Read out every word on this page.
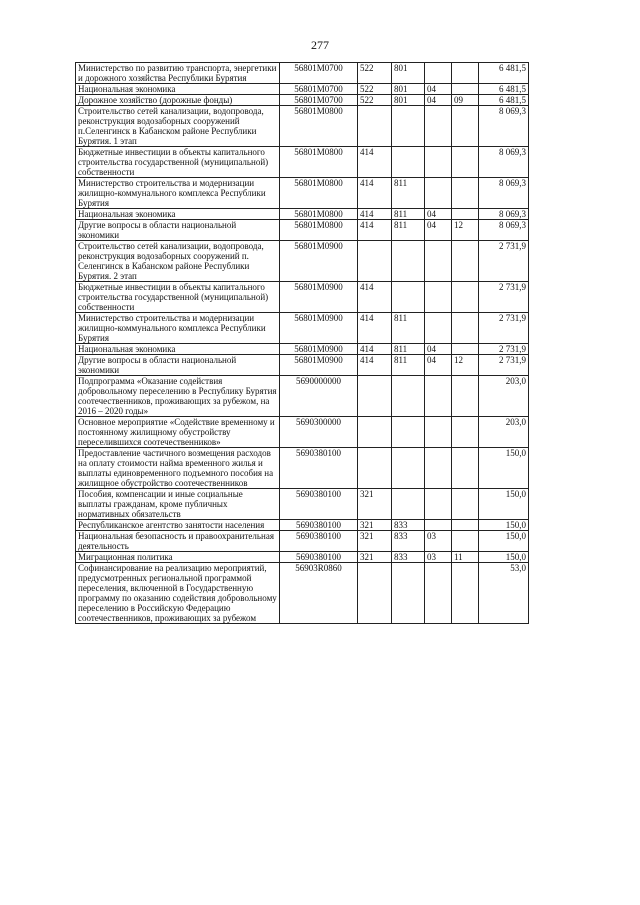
277
Министерство по развитию транспорта, энергетики и дорожного хозяйства Республики Бурятия	56801M0700	522	801			6 481,5
Национальная экономика	56801M0700	522	801	04		6 481,5
Дорожное хозяйство (дорожные фонды)	56801M0700	522	801	04	09	6 481,5
Строительство сетей канализации, водопровода, реконструкция водозаборных сооружений п.Селенгинск в Кабанском районе Республики Бурятия. 1 этап	56801M0800					8 069,3
Бюджетные инвестиции в объекты капитального строительства государственной (муниципальной) собственности	56801M0800	414				8 069,3
Министерство строительства и модернизации жилищно-коммунального комплекса Республики Бурятия	56801M0800	414	811			8 069,3
Национальная экономика	56801M0800	414	811	04		8 069,3
Другие вопросы в области национальной экономики	56801M0800	414	811	04	12	8 069,3
Строительство сетей канализации, водопровода, реконструкция водозаборных сооружений п. Селенгинск в Кабанском районе Республики Бурятия. 2 этап	56801M0900					2 731,9
Бюджетные инвестиции в объекты капитального строительства государственной (муниципальной) собственности	56801M0900	414				2 731,9
Министерство строительства и модернизации жилищно-коммунального комплекса Республики Бурятия	56801M0900	414	811			2 731,9
Национальная экономика	56801M0900	414	811	04		2 731,9
Другие вопросы в области национальной экономики	56801M0900	414	811	04	12	2 731,9
Подпрограмма «Оказание содействия добровольному переселению в Республику Бурятия соотечественников, проживающих за рубежом, на 2016 – 2020 годы»	5690000000					203,0
Основное мероприятие «Содействие временному и постоянному жилищному обустройству переселившихся соотечественников»	5690300000					203,0
Предоставление частичного возмещения расходов на оплату стоимости найма временного жилья и выплаты единовременного подъемного пособия на жилищное обустройство соотечественников	5690380100					150,0
Пособия, компенсации и иные социальные выплаты гражданам, кроме публичных нормативных обязательств	5690380100	321				150,0
Республиканское агентство занятости населения	5690380100	321	833			150,0
Национальная безопасность и правоохранительная деятельность	5690380100	321	833	03		150,0
Миграционная политика	5690380100	321	833	03	11	150,0
Софинансирование на реализацию мероприятий, предусмотренных региональной программой переселения, включенной в Государственную программу по оказанию содействия добровольному переселению в Российскую Федерацию соотечественников, проживающих за рубежом	56903R0860					53,0
